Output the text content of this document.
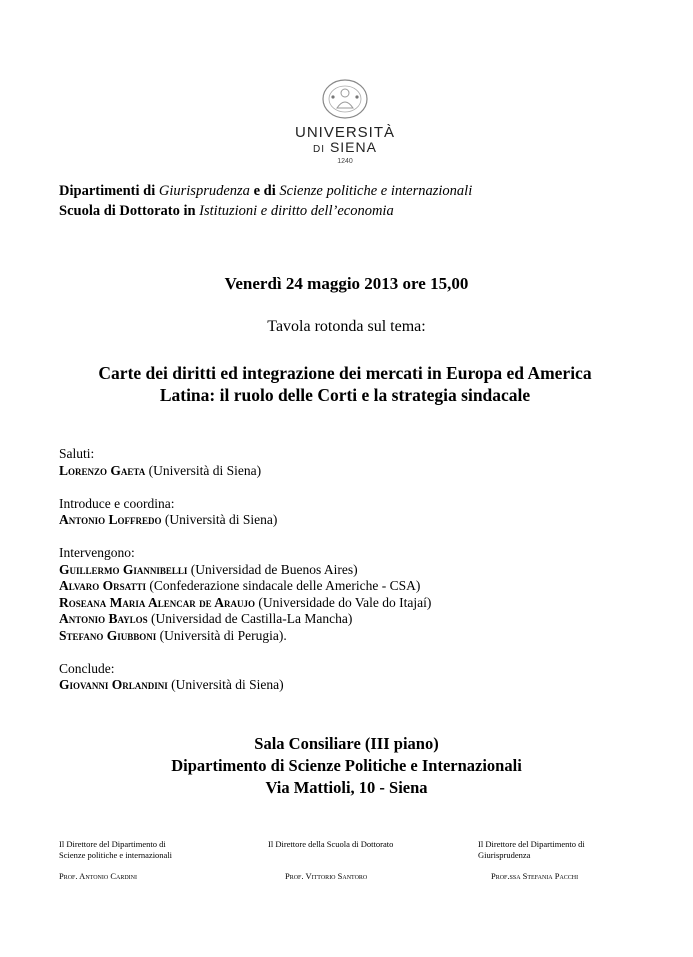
UNIVERSITÀ
DI SIENA
1240
Dipartimenti di Giurisprudenza e di Scienze politiche e internazionali
Scuola di Dottorato in Istituzioni e diritto dell’economia
Venerdì 24 maggio 2013 ore 15,00
Tavola rotonda sul tema:
Carte dei diritti ed integrazione dei mercati in Europa ed America
Latina: il ruolo delle Corti e la strategia sindacale
Saluti:
Lorenzo Gaeta (Università di Siena)
Introduce e coordina:
Antonio Loffredo (Università di Siena)
Intervengono:
Guillermo Giannibelli (Universidad de Buenos Aires)
Alvaro Orsatti (Confederazione sindacale delle Americhe - CSA)
Roseana Maria Alencar de Araujo (Universidade do Vale do Itajaí)
Antonio Baylos (Universidad de Castilla-La Mancha)
Stefano Giubboni (Università di Perugia).
Conclude:
Giovanni Orlandini (Università di Siena)
Sala Consiliare (III piano)
Dipartimento di Scienze Politiche e Internazionali
Via Mattioli, 10 - Siena
Il Direttore del Dipartimento di
Scienze politiche e internazionali
Prof. Antonio Cardini
Il Direttore della Scuola di Dottorato
Prof. Vittorio Santoro
Il Direttore del Dipartimento di
Giurisprudenza
Prof.ssa Stefania Pacchi
